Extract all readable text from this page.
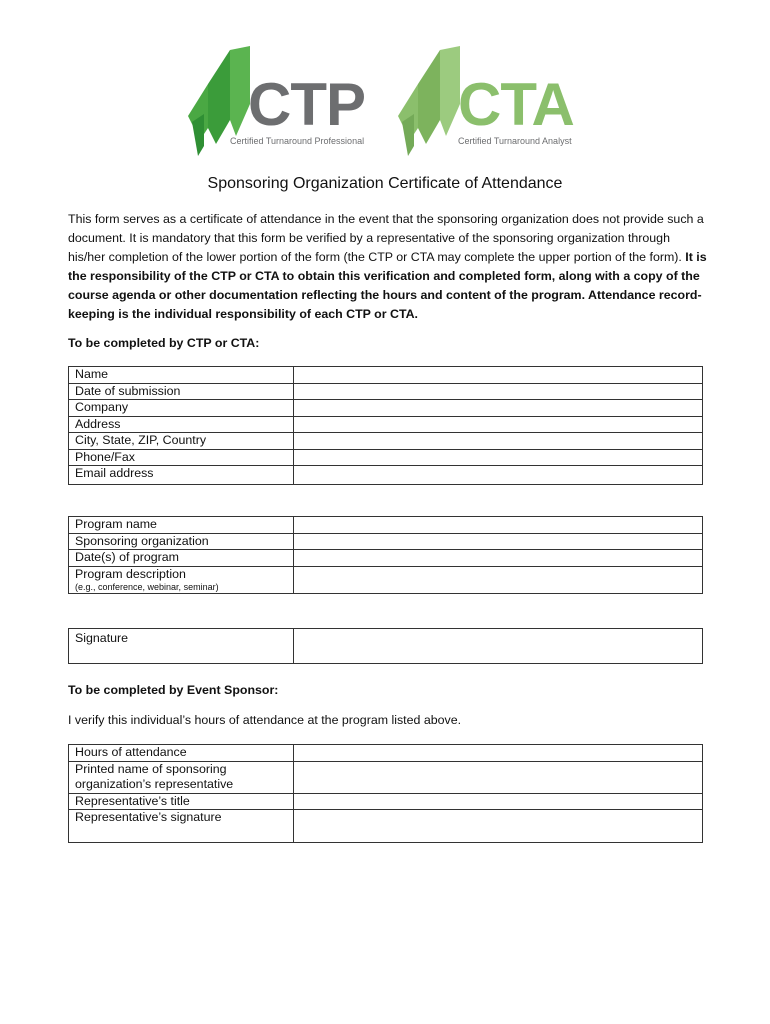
CTP
Certified Turnaround Professional
CTA
Certified Turnaround Analyst
Sponsoring Organization Certificate of Attendance

This form serves as a certificate of attendance in the event that the sponsoring organization does not provide such a document. It is mandatory that this form be verified by a representative of the sponsoring organization through his/her completion of the lower portion of the form (the CTP or CTA may complete the upper portion of the form). It is the responsibility of the CTP or CTA to obtain this verification and completed form, along with a copy of the course agenda or other documentation reflecting the hours and content of the program. Attendance record-keeping is the individual responsibility of each CTP or CTA.

To be completed by CTP or CTA:

Name	
Date of submission	
Company	
Address	
City, State, ZIP, Country	
Phone/Fax	
Email address	
Program name	
Sponsoring organization	
Date(s) of program	
Program description
(e.g., conference, webinar, seminar)	

Signature	

To be completed by Event Sponsor:

I verify this individual’s hours of attendance at the program listed above.

Hours of attendance	
Printed name of sponsoring
organization’s representative	
Representative’s title	
Representative’s signature	
